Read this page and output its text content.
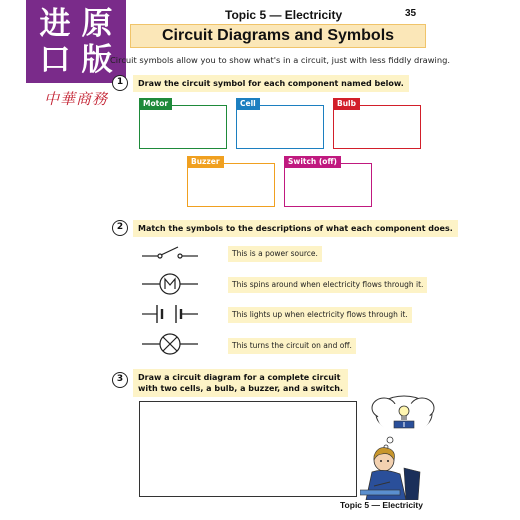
进 原
口 版
中華商務
Topic 5 — Electricity	35
Circuit Diagrams and Symbols
Circuit symbols allow you to show what's in a circuit, just with less fiddly drawing.
1	Draw the circuit symbol for each component named below.
Motor	Cell	Bulb
Buzzer	Switch (off)
2	Match the symbols to the descriptions of what each component does.
This is a power source.
This spins around when electricity flows through it.
This lights up when electricity flows through it.
This turns the circuit on and off.
3	Draw a circuit diagram for a complete circuit
with two cells, a bulb, a buzzer, and a switch.
Topic 5 — Electricity
